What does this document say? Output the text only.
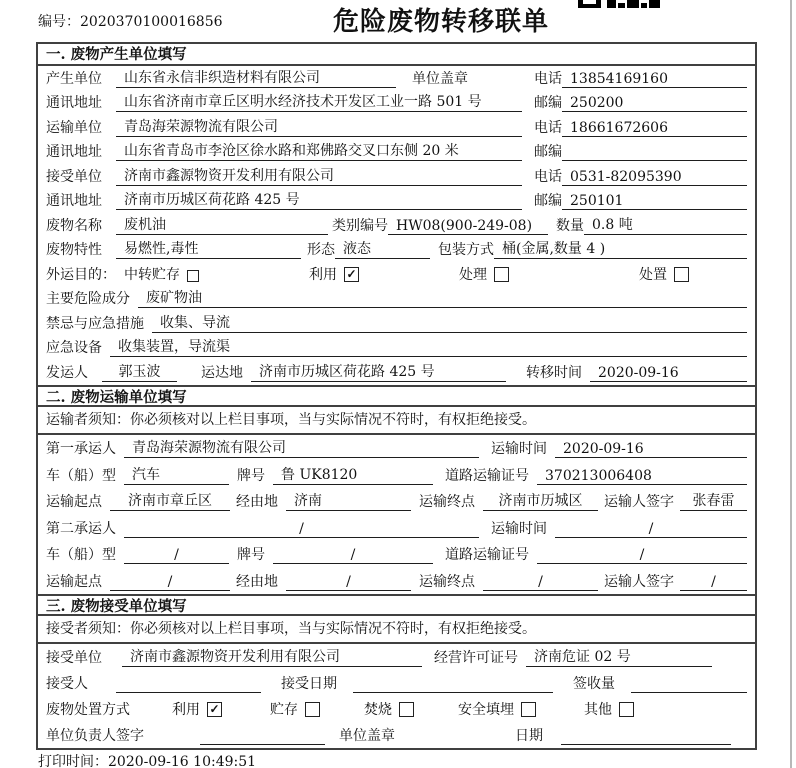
编号：2020370100016856	危险废物转移联单
一. 废物产生单位填写
产生单位	山东省永信非织造材料有限公司	单位盖章	电话 13854169160
通讯地址	山东省济南市章丘区明水经济技术开发区工业一路 501 号	邮编 250200
运输单位	青岛海荣源物流有限公司	电话 18661672606
通讯地址	山东省青岛市李沧区徐水路和郑佛路交叉口东侧 20 米	邮编
接受单位	济南市鑫源物资开发利用有限公司	电话 0531-82095390
通讯地址	济南市历城区荷花路 425 号	邮编 250101
废物名称	废机油	类别编号 HW08(900-249-08)	数量 0.8 吨
废物特性	易燃性,毒性	形态 液态	包装方式 桶(金属,数量 4 )
外运目的： 中转贮存	利用 ✓	处理	处置
主要危险成分	废矿物油
禁忌与应急措施	收集、导流
应急设备	收集装置，导流渠
发运人	郭玉波	运达地	济南市历城区荷花路 425 号	转移时间	2020-09-16
二. 废物运输单位填写
运输者须知：你必须核对以上栏目事项，当与实际情况不符时，有权拒绝接受。
第一承运人	青岛海荣源物流有限公司	运输时间	2020-09-16
车（船）型	汽车	牌号	鲁 UK8120	道路运输证号	370213006408
运输起点	济南市章丘区	经由地	济南	运输终点	济南市历城区	运输人签字	张春雷
第二承运人	/	运输时间	/
车（船）型	/	牌号	/	道路运输证号	/
运输起点	/	经由地	/	运输终点	/	运输人签字	/
三. 废物接受单位填写
接受者须知：你必须核对以上栏目事项，当与实际情况不符时，有权拒绝接受。
接受单位	济南市鑫源物资开发利用有限公司	经营许可证号	济南危证 02 号
接受人	接受日期	签收量
废物处置方式	利用 ✓	贮存	焚烧	安全填埋	其他
单位负责人签字	单位盖章	日期
打印时间：2020-09-16 10:49:51
